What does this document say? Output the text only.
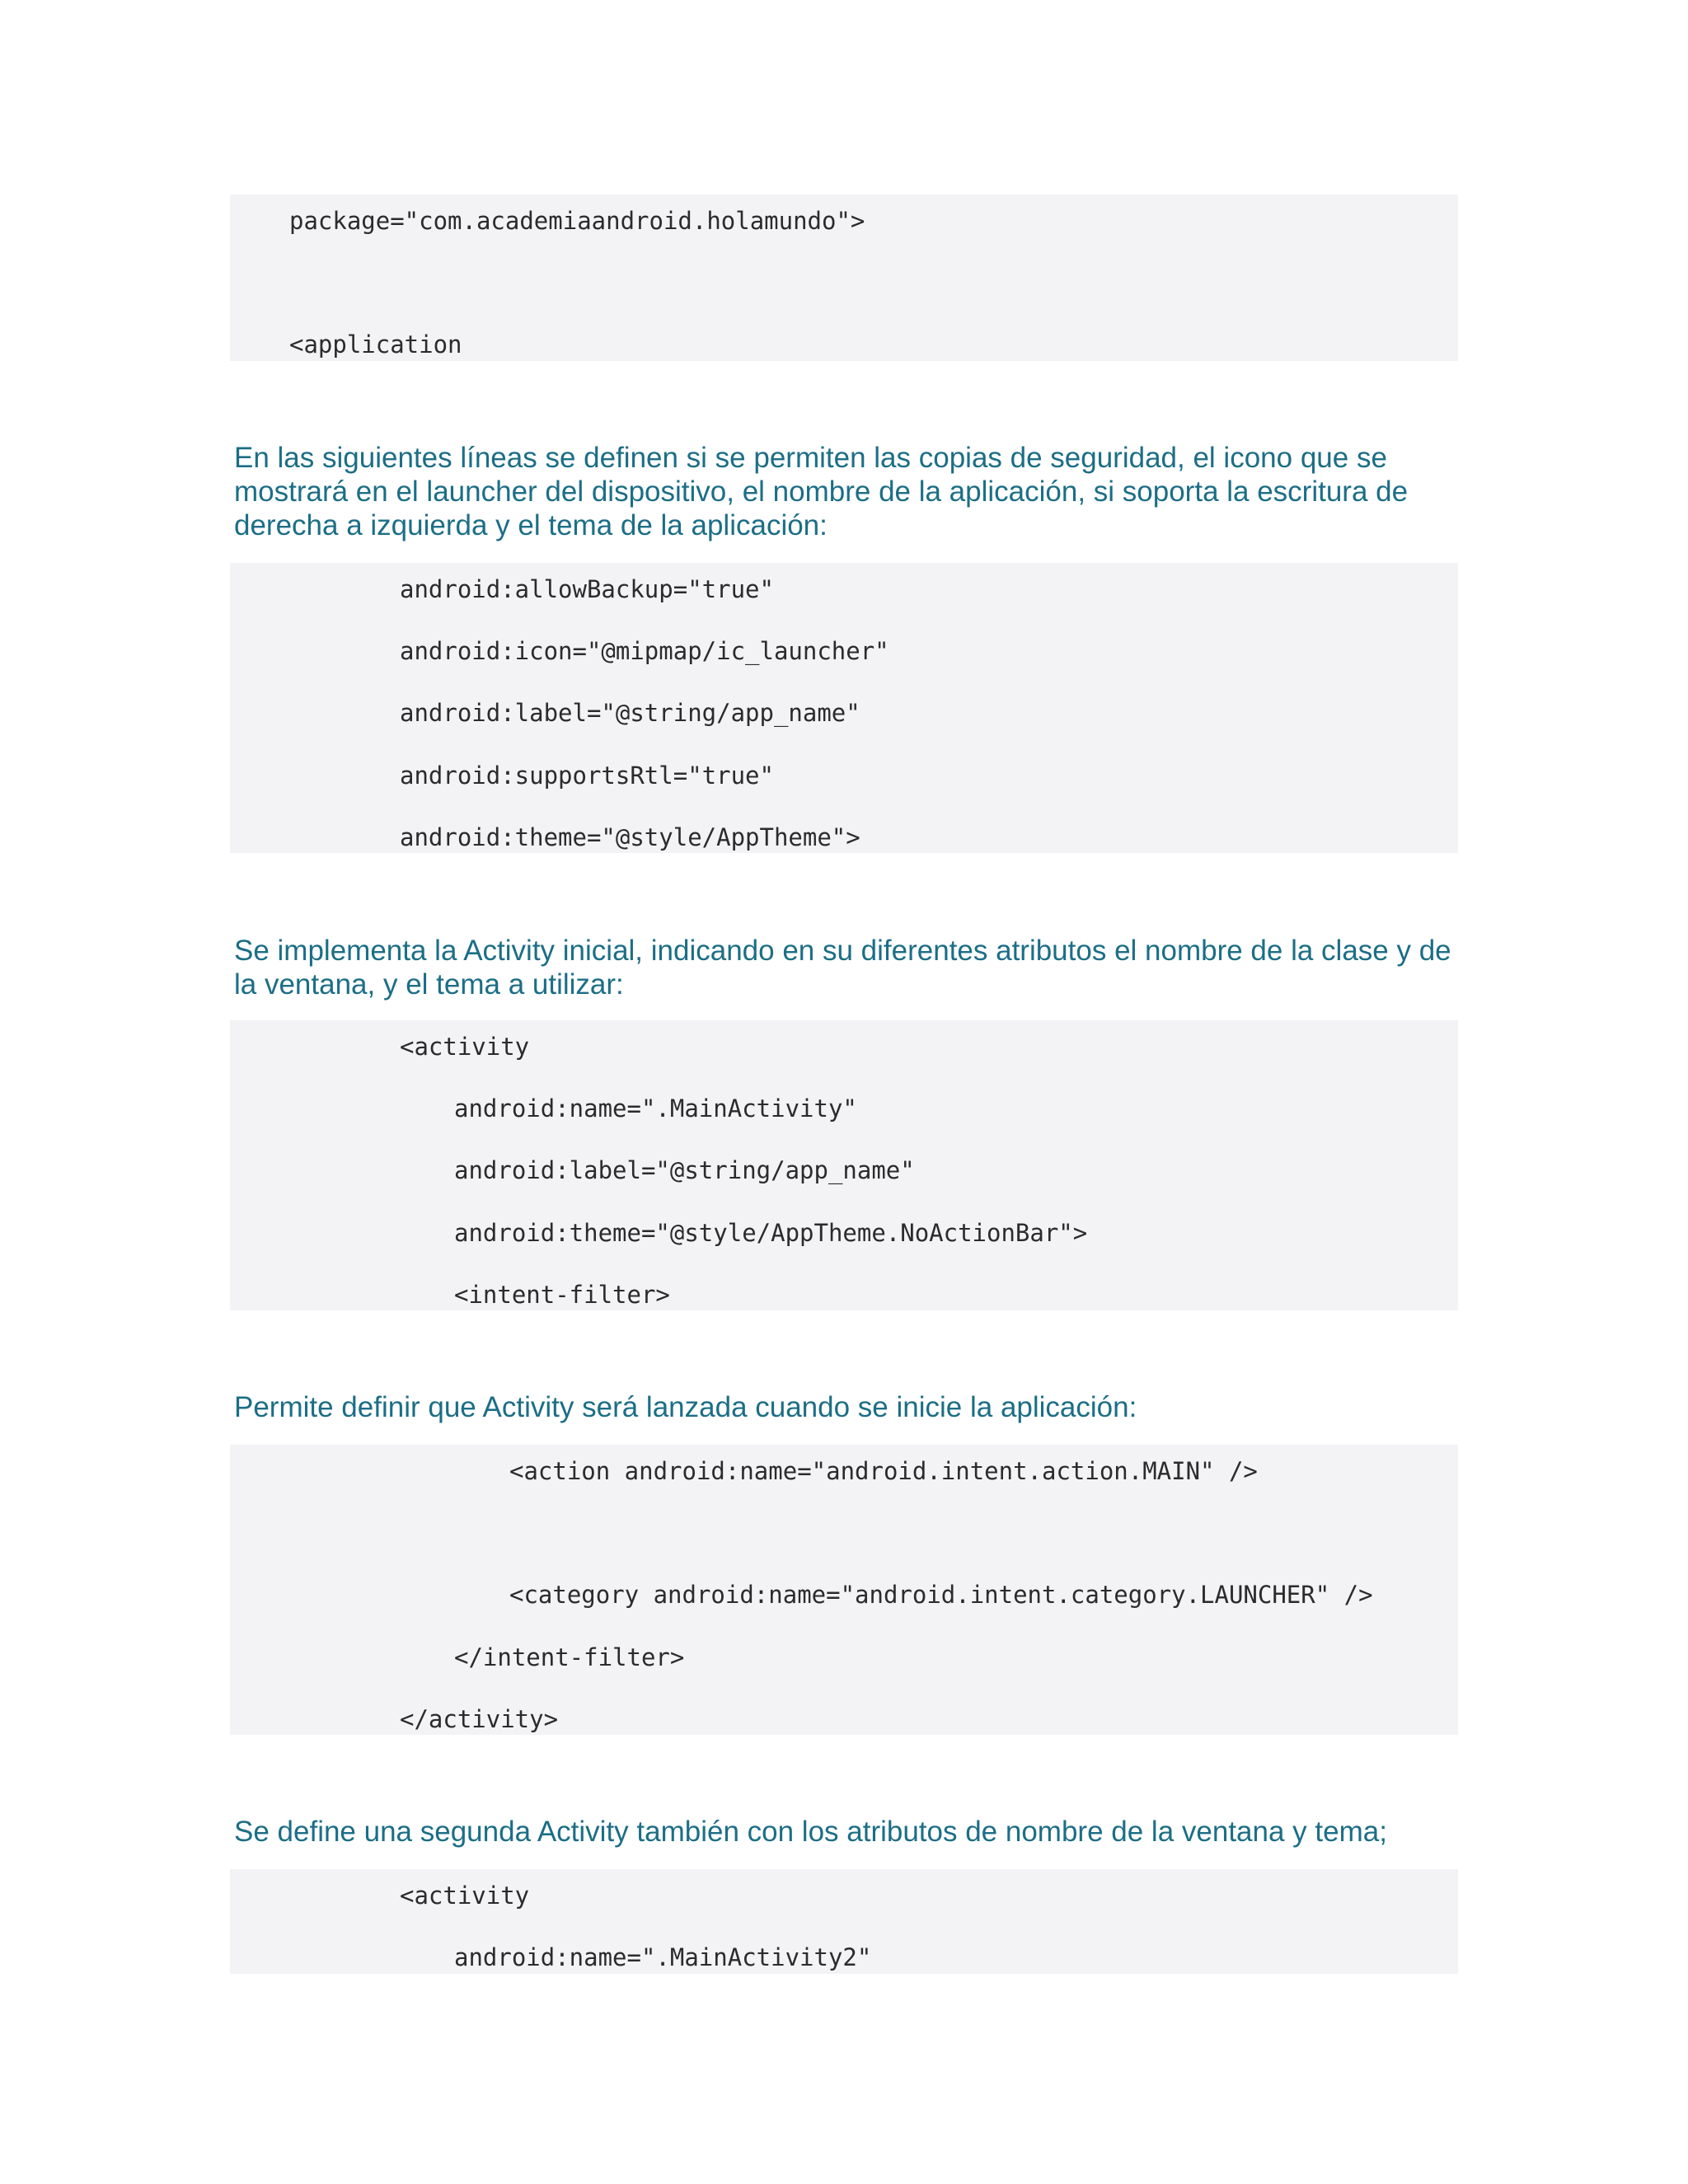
package="com.academiaandroid.holamundo">
<application

En las siguientes líneas se definen si se permiten las copias de seguridad, el icono que se mostrará en el launcher del dispositivo, el nombre de la aplicación, si soporta la escritura de derecha a izquierda y el tema de la aplicación:

android:allowBackup="true"
android:icon="@mipmap/ic_launcher"
android:label="@string/app_name"
android:supportsRtl="true"
android:theme="@style/AppTheme">

Se implementa la Activity inicial, indicando en su diferentes atributos el nombre de la clase y de la ventana, y el tema a utilizar:

<activity
android:name=".MainActivity"
android:label="@string/app_name"
android:theme="@style/AppTheme.NoActionBar">
<intent-filter>

Permite definir que Activity será lanzada cuando se inicie la aplicación:

<action android:name="android.intent.action.MAIN" />
<category android:name="android.intent.category.LAUNCHER" />
</intent-filter>
</activity>

Se define una segunda Activity también con los atributos de nombre de la ventana y tema;

<activity
android:name=".MainActivity2"
